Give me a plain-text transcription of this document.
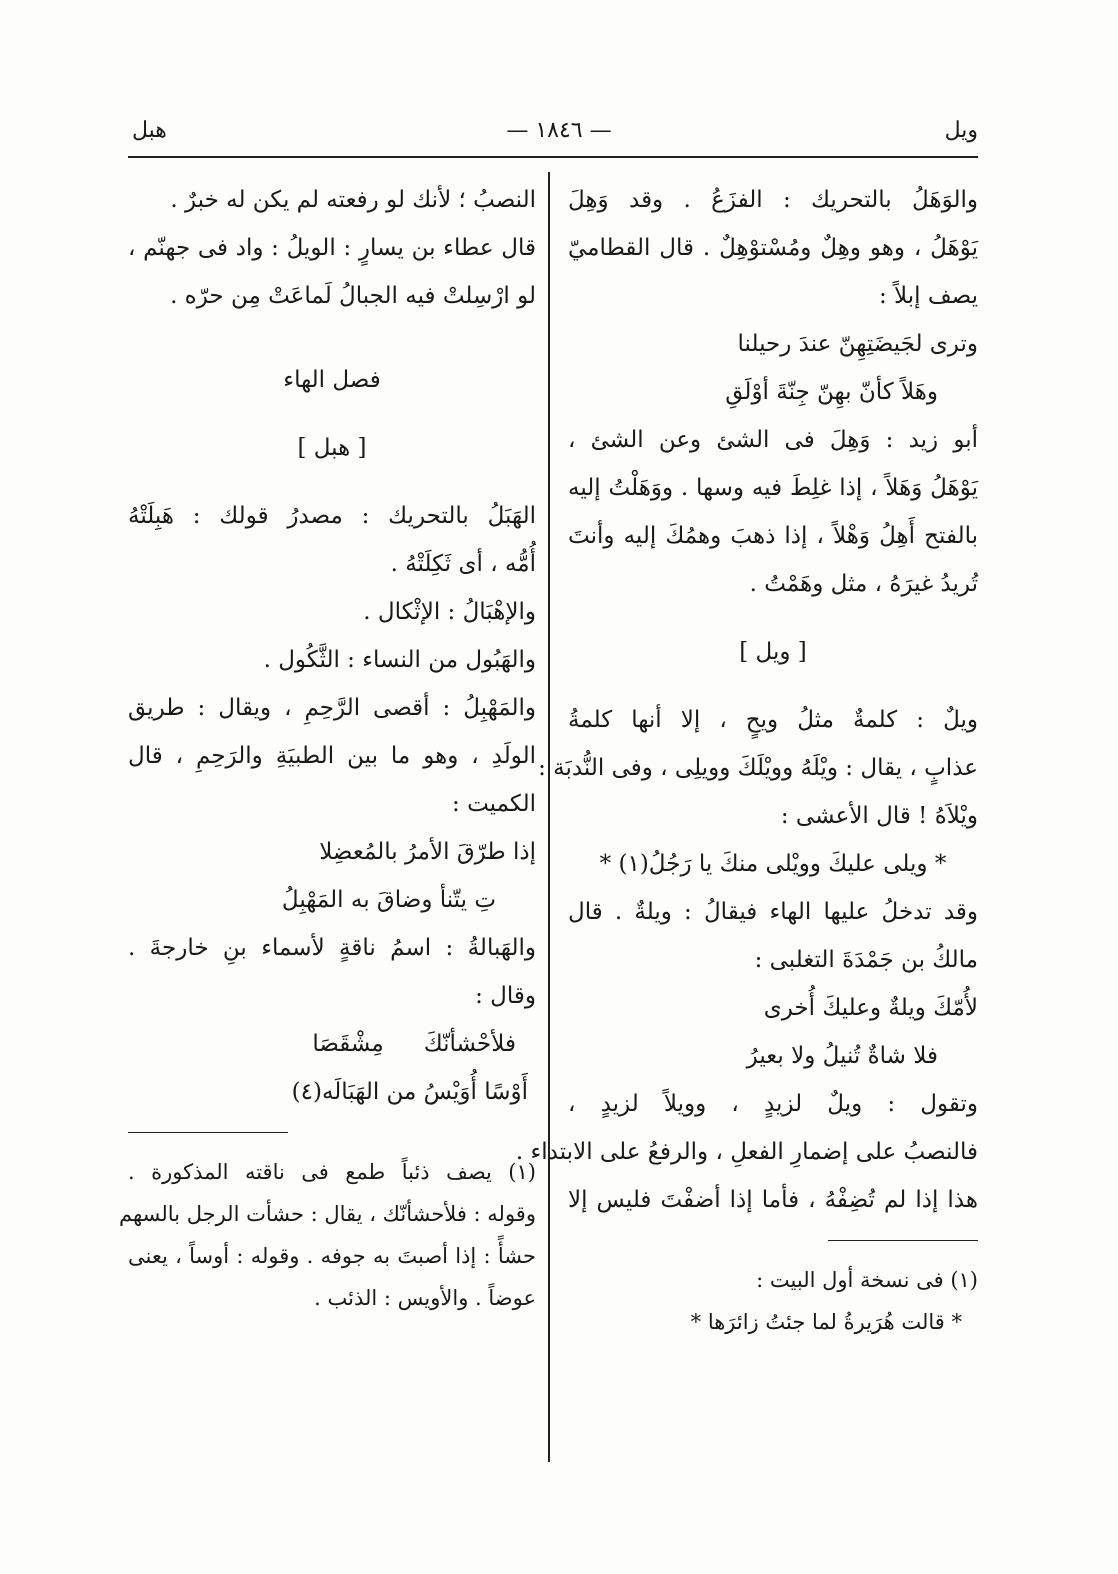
ويل
— ١٨٤٦ —
هبل
والوَهَلُ بالتحريك : الفزَعُ . وقد وَهِلَ
يَوْهَلُ ، وهو وهِلٌ ومُسْتوْهِلٌ . قال القطاميّ
يصف إبلاً :
وترى لجَيضَتِهِنّ عندَ رحيلنا
وهَلاً كأنّ بهِنّ جِنّةَ أوْلَقِ
أبو زيد : وَهِلَ فى الشئ وعن الشئ ،
يَوْهَلُ وَهَلاً ، إذا غلِطَ فيه وسها . ووَهَلْتُ إليه
بالفتح أَهِلُ وَهْلاً ، إذا ذهبَ وهمُكَ إليه وأنتَ
تُريدُ غيرَهُ ، مثل وهَمْتُ .
[ ويل ]
ويلٌ : كلمةٌ مثلُ ويحٍ ، إلا أنها كلمةُ
عذابٍ ، يقال : ويْلَهُ وويْلَكَ وويلِى ، وفى النُّدبَة :
ويْلاَهُ ! قال الأعشى :
* ويلى عليكَ وويْلى منكَ يا رَجُلُ(١) *
وقد تدخلُ عليها الهاء فيقالُ : ويلةٌ . قال
مالكُ بن جَمْدَةَ التغلبى :
لأُمّكَ ويلةٌ وعليكَ أُخرى
فلا شاةٌ تُنيلُ ولا بعيرُ
وتقول : ويلٌ لزيدٍ ، وويلاً لزيدٍ ،
فالنصبُ على إضمارِ الفعلِ ، والرفعُ على الابتداء .
هذا إذا لم تُضِفْهُ ، فأما إذا أضفْتَ فليس إلا
(١) فى نسخة أول البيت :
* قالت هُرَيرةُ لما جئتُ زائرَها *
النصبُ ؛ لأنك لو رفعته لم يكن له خبرٌ .
قال عطاء بن يسارٍ : الويلُ : واد فى جهنّم ،
لو ارْسِلتْ فيه الجبالُ لَماعَتْ مِن حرّه .
فصل الهاء
[ هبل ]
الهَبَلُ بالتحريك : مصدرُ قولك : هَبِلَتْهُ
أُمُّه ، أى ثَكِلَتْهُ .
والإهْبَالُ : الإثْكال .
والهَبُول من النساء : الثَّكُول .
والمَهْبِلُ : أقصى الرَّحِمِ ، ويقال : طريق
الولَدِ ، وهو ما بين الطبيَةِ والرَحِمِ ، قال
الكميت :
إذا طرّقَ الأمرُ بالمُعضِلا
تِ يتّنأ وضاقَ به المَهْبِلُ
والهَبالةُ : اسمُ ناقةٍ لأسماء بنِ خارجةَ .
وقال :
فلأحْشأنّكَ
مِشْقَصَا
أَوْسًا أُوَيْسُ من الهَبَالَه(٤)
(١) يصف ذئباً طمع فى ناقته المذكورة .
وقوله : فلأحشأنّك ، يقال : حشأت الرجل بالسهم
حشأً : إذا أصبتَ به جوفه . وقوله : أوساً ، يعنى
عوضاً . والأويس : الذئب .
